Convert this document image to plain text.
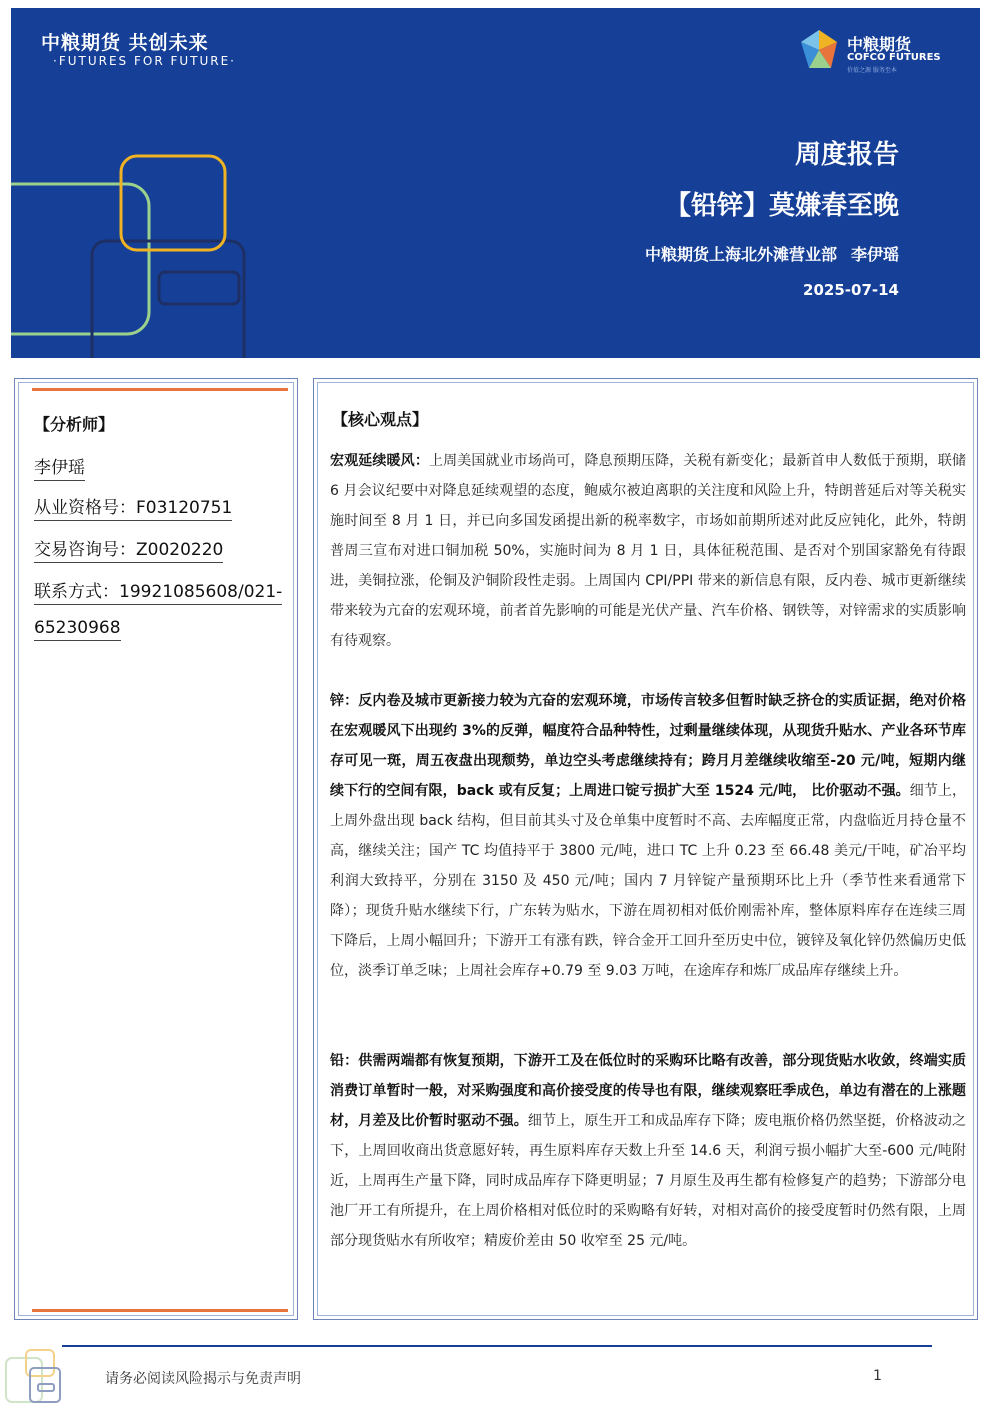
中粮期货 共创未来
·FUTURES FOR FUTURE·
中粮期货
COFCO FUTURES
价值之源 服务至本
周度报告
【铅锌】莫嫌春至晚
中粮期货上海北外滩营业部 李伊瑶
2025-07-14
【分析师】
李伊瑶
从业资格号：F03120751
交易咨询号：Z0020220
联系方式：19921085608/021-
65230968
【核心观点】
宏观延续暖风：上周美国就业市场尚可，降息预期压降，关税有新变化；最新首申人数低于预期，联储 6 月会议纪要中对降息延续观望的态度，鲍威尔被迫离职的关注度和风险上升，特朗普延后对等关税实施时间至 8 月 1 日，并已向多国发函提出新的税率数字，市场如前期所述对此反应钝化，此外，特朗普周三宣布对进口铜加税 50%，实施时间为 8 月 1 日，具体征税范围、是否对个别国家豁免有待跟进，美铜拉涨，伦铜及沪铜阶段性走弱。上周国内 CPI/PPI 带来的新信息有限，反内卷、城市更新继续带来较为亢奋的宏观环境，前者首先影响的可能是光伏产量、汽车价格、钢铁等，对锌需求的实质影响有待观察。
锌：反内卷及城市更新接力较为亢奋的宏观环境，市场传言较多但暂时缺乏挤仓的实质证据，绝对价格在宏观暖风下出现约 3%的反弹，幅度符合品种特性，过剩量继续体现，从现货升贴水、产业各环节库存可见一斑，周五夜盘出现颓势，单边空头考虑继续持有；跨月月差继续收缩至-20 元/吨，短期内继续下行的空间有限，back 或有反复；上周进口锭亏损扩大至 1524 元/吨， 比价驱动不强。细节上，上周外盘出现 back 结构，但目前其头寸及仓单集中度暂时不高、去库幅度正常，内盘临近月持仓量不高，继续关注；国产 TC 均值持平于 3800 元/吨，进口 TC 上升 0.23 至 66.48 美元/干吨，矿冶平均利润大致持平，分别在 3150 及 450 元/吨；国内 7 月锌锭产量预期环比上升（季节性来看通常下降）；现货升贴水继续下行，广东转为贴水，下游在周初相对低价刚需补库，整体原料库存在连续三周下降后，上周小幅回升；下游开工有涨有跌，锌合金开工回升至历史中位，镀锌及氧化锌仍然偏历史低位，淡季订单乏味；上周社会库存+0.79 至 9.03 万吨，在途库存和炼厂成品库存继续上升。
铅：供需两端都有恢复预期，下游开工及在低位时的采购环比略有改善，部分现货贴水收敛，终端实质消费订单暂时一般，对采购强度和高价接受度的传导也有限，继续观察旺季成色，单边有潜在的上涨题材，月差及比价暂时驱动不强。细节上，原生开工和成品库存下降；废电瓶价格仍然坚挺，价格波动之下，上周回收商出货意愿好转，再生原料库存天数上升至 14.6 天，利润亏损小幅扩大至-600 元/吨附近，上周再生产量下降，同时成品库存下降更明显；7 月原生及再生都有检修复产的趋势；下游部分电池厂开工有所提升，在上周价格相对低位时的采购略有好转，对相对高价的接受度暂时仍然有限，上周部分现货贴水有所收窄；精废价差由 50 收窄至 25 元/吨。
请务必阅读风险揭示与免责声明	1
